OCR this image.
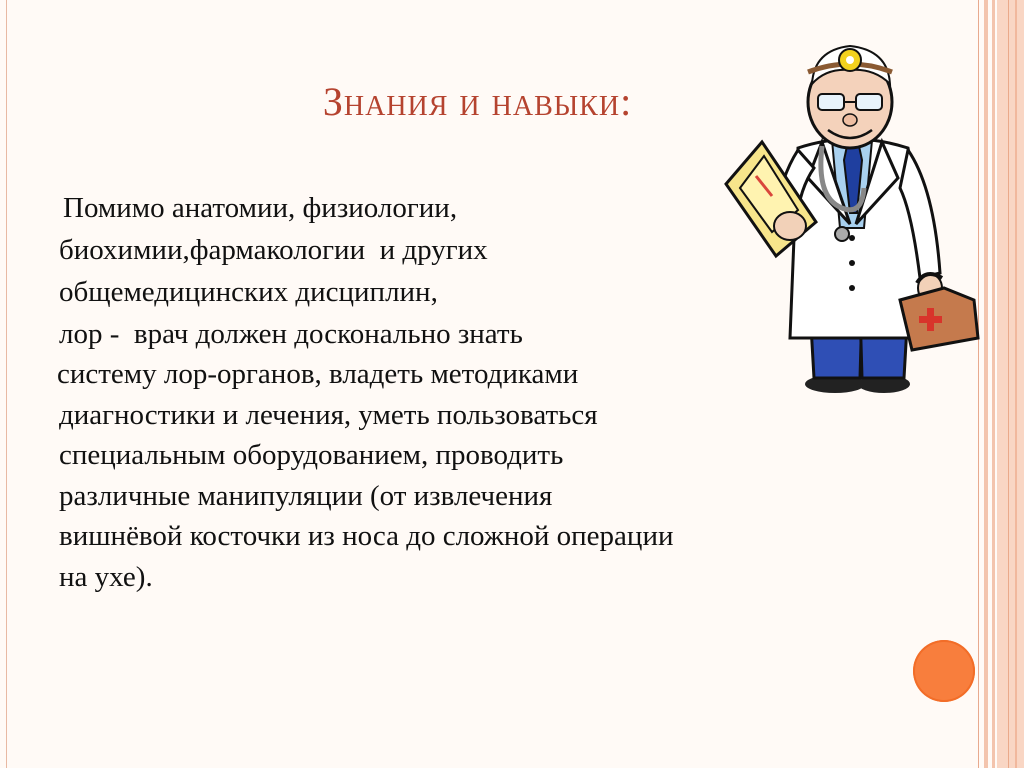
Знания и навыки:
Помимо анатомии, физиологии,
биохимии,фармакологии  и других
общемедицинских дисциплин,
лор -  врач должен досконально знать
систему лор-органов, владеть методиками
диагностики и лечения, уметь пользоваться
специальным оборудованием, проводить
различные манипуляции (от извлечения
вишнёвой косточки из носа до сложной операции
на ухе).
